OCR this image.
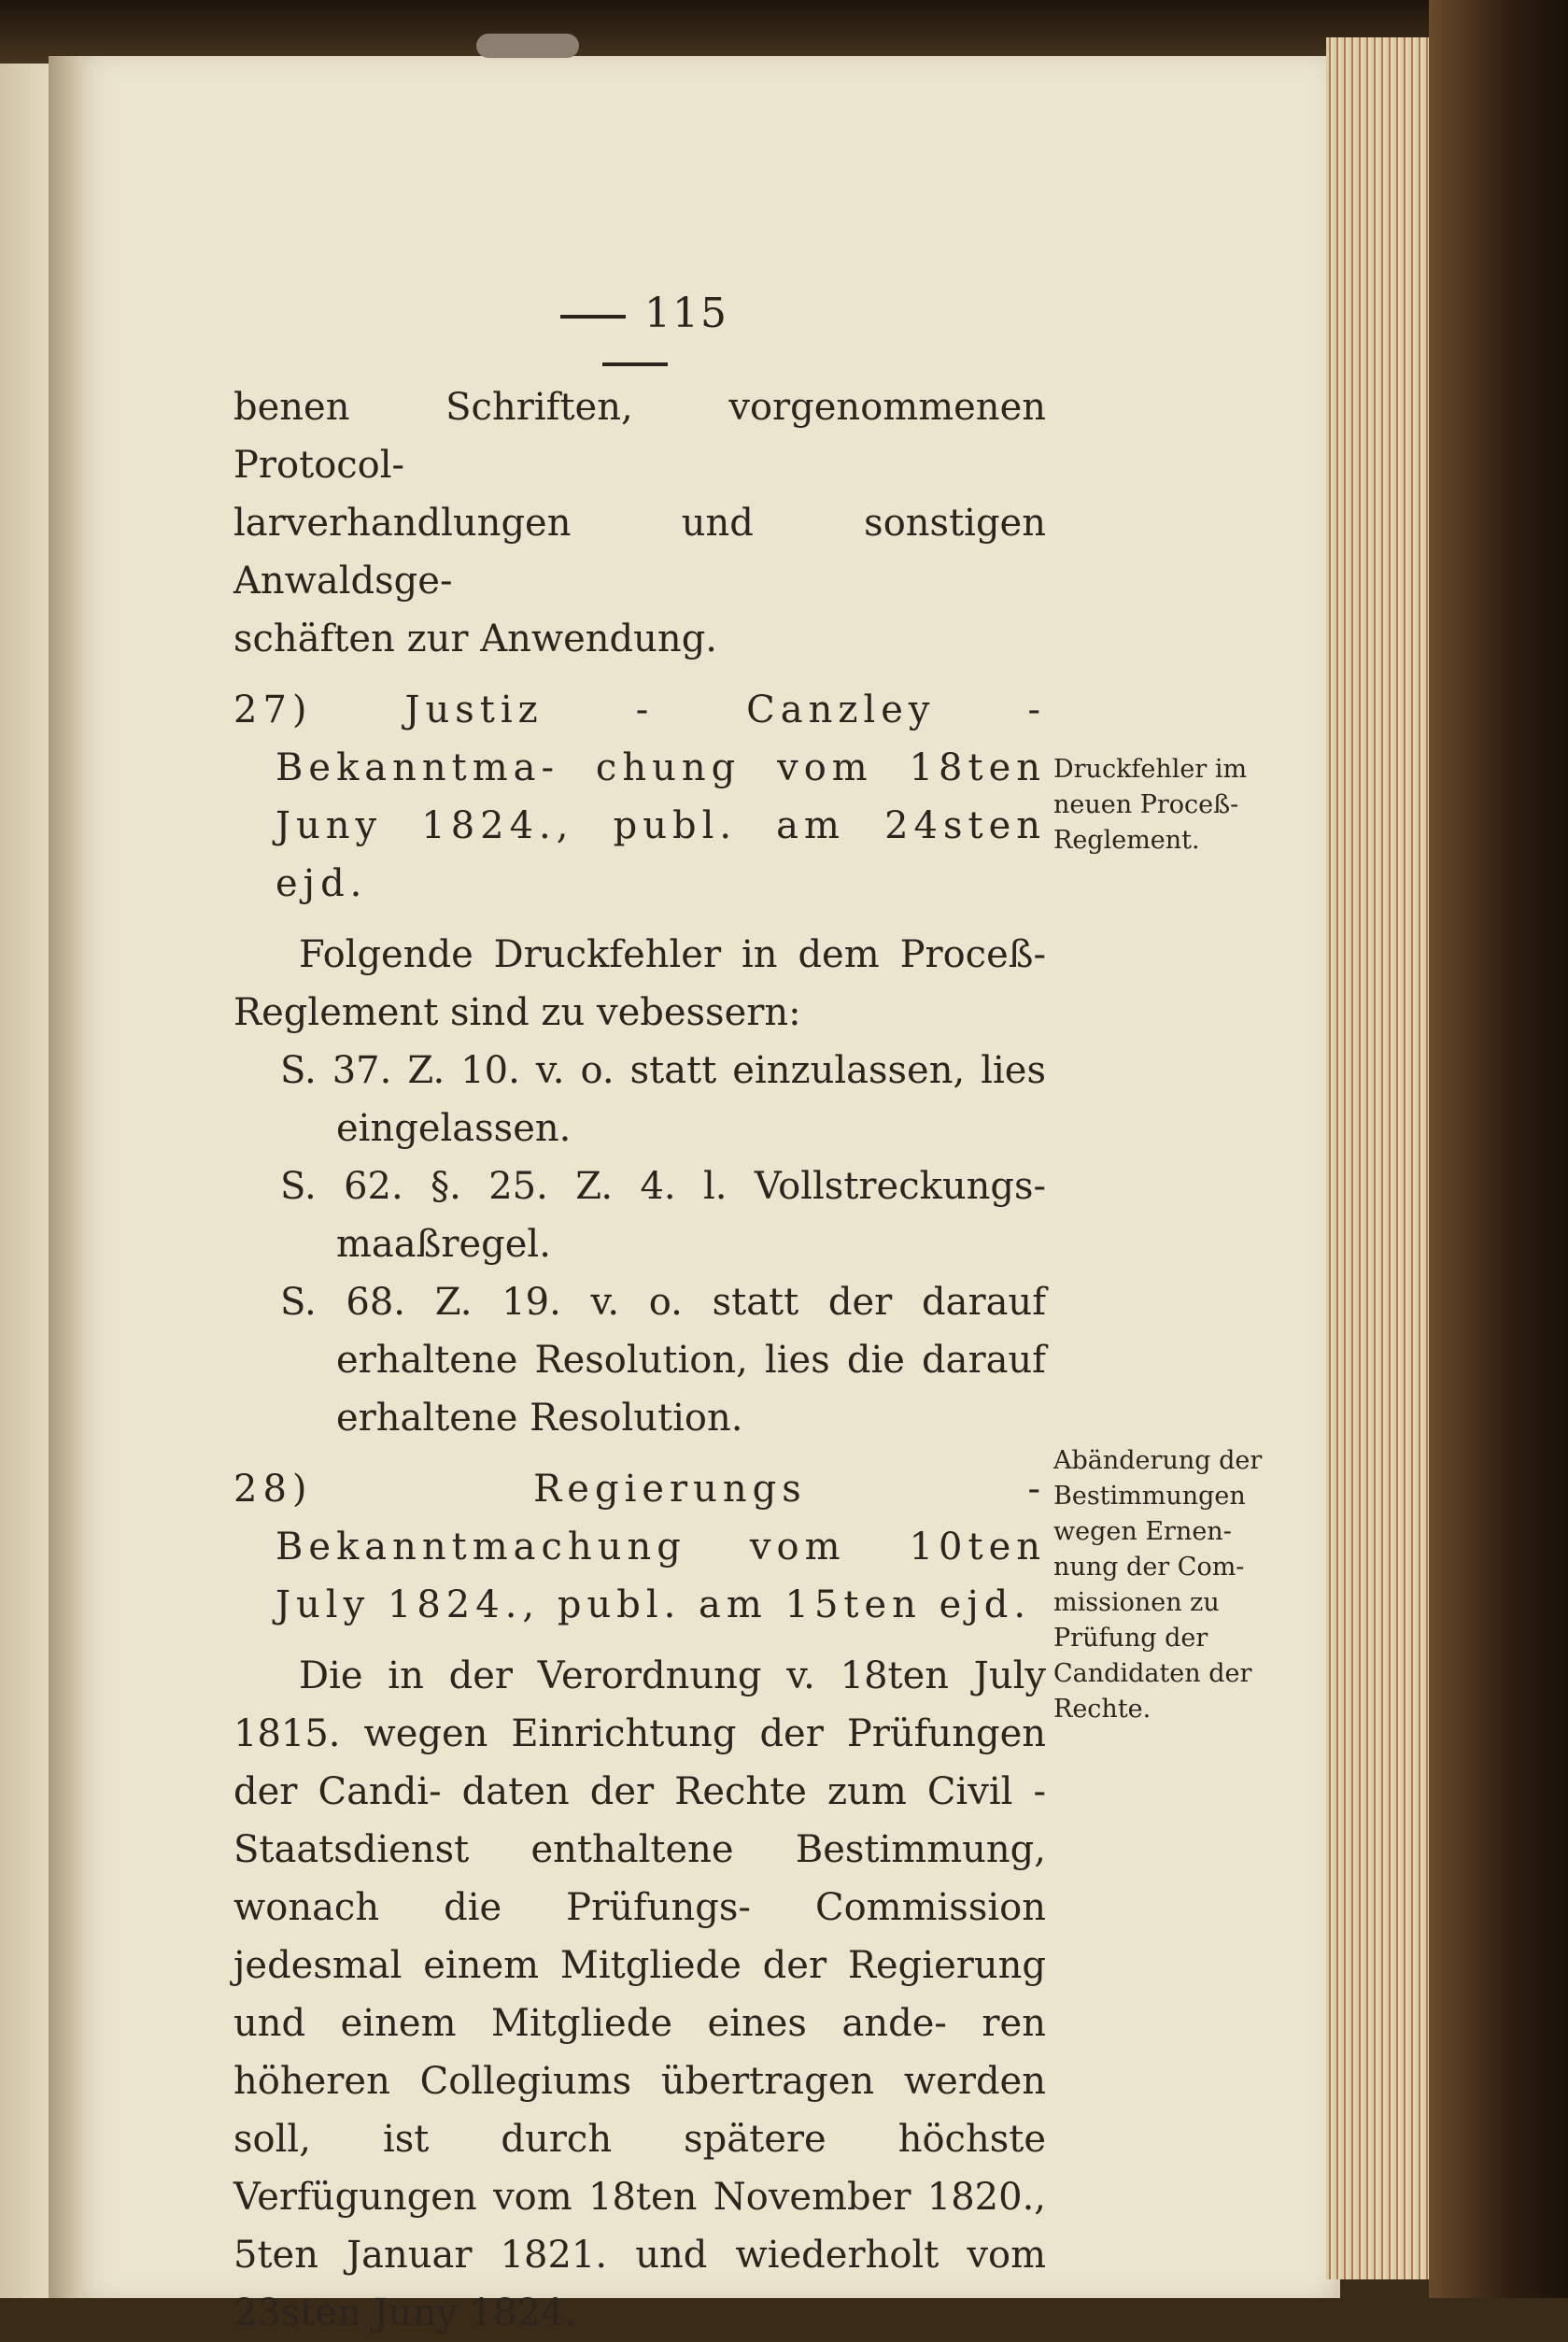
115

benen Schriften, vorgenommenen Protocol-

larverhandlungen und sonstigen Anwaldsge-

schäften zur Anwendung.

27) Justiz - Canzley - Bekanntma- chung vom 18ten Juny 1824., publ. am 24sten ejd.

Folgende Druckfehler in dem Proceß- Reglement sind zu vebessern:

S. 37. Z. 10. v. o. statt einzulassen, lies eingelassen.

S. 62. §. 25. Z. 4. l. Vollstreckungs- maaßregel.

S. 68. Z. 19. v. o. statt der darauf erhaltene Resolution, lies die darauf erhaltene Resolution.

28) Regierungs - Bekanntmachung vom 10ten July 1824., publ. am 15ten ejd.

Die in der Verordnung v. 18ten July 1815. wegen Einrichtung der Prüfungen der Candi- daten der Rechte zum Civil - Staatsdienst enthaltene Bestimmung, wonach die Prüfungs- Commission jedesmal einem Mitgliede der Regierung und einem Mitgliede eines ande- ren höheren Collegiums übertragen werden soll, ist durch spätere höchste Verfügungen vom 18ten November 1820., 5ten Januar 1821. und wiederholt vom 23sten Juny 1824.

Druckfehler im neuen Proceß- Reglement.
Abänderung der Bestimmungen wegen Ernen- nung der Com- missionen zu Prüfung der Candidaten der Rechte.
